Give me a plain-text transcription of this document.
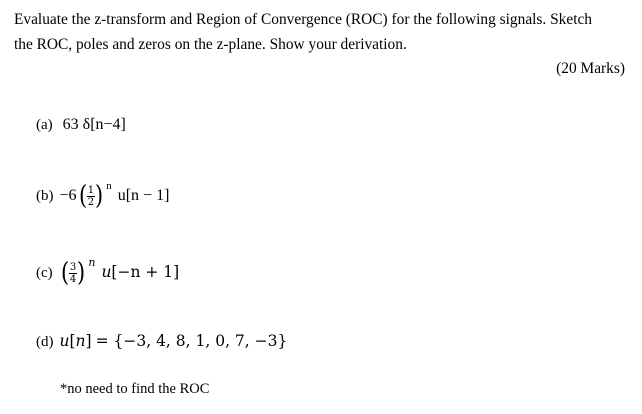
Evaluate the z-transform and Region of Convergence (ROC) for the following signals. Sketch
the ROC, poles and zeros on the z-plane. Show your derivation.
(20 Marks)
(a) 63 δ[n−4]
$(b) -6( \frac{1}{2}$ ) $^n$u[n − 1]
(c) ( $\frac{3}{4}$ ) $^n$u[−n + 1]
(d) u[n] = {−3, 4, 8, 1, 0, 7, −3}
*no need to find the ROC
